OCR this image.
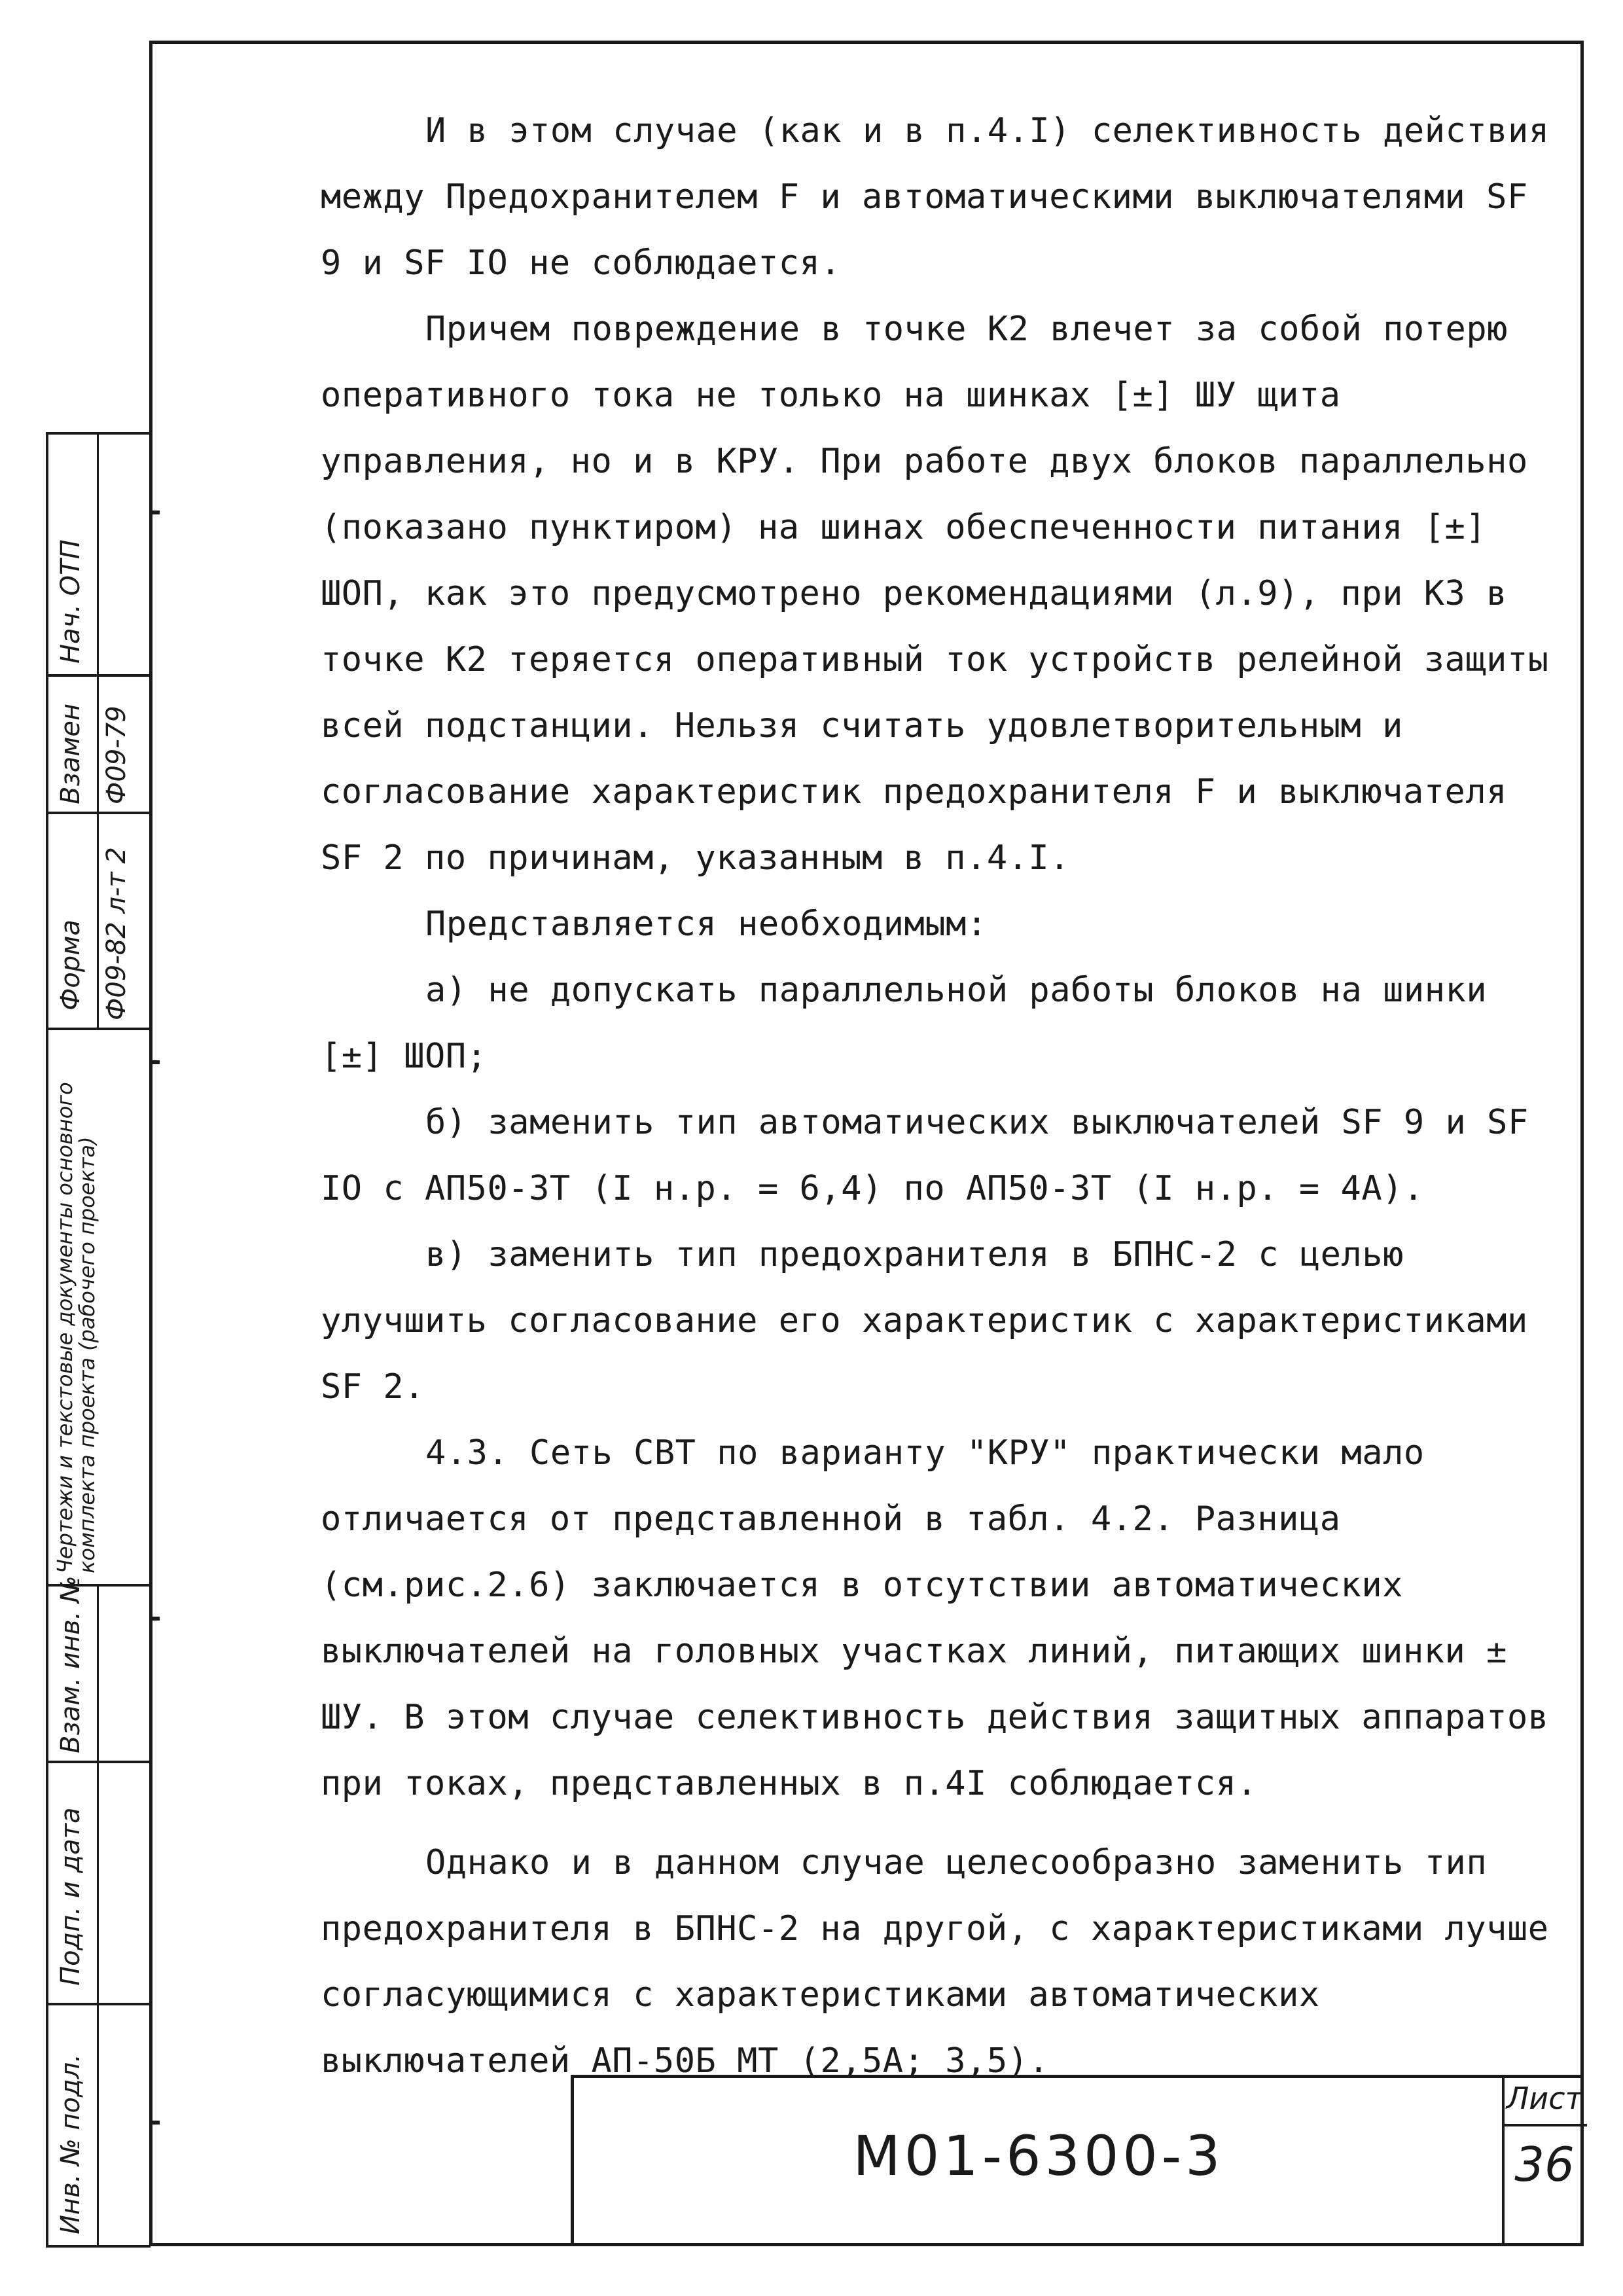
Нач. ОТП
Взамен Ф09-79
Форма Ф09-82 л-т 2
Чертежи и текстовые документы основного комплекта проекта (рабочего проекта)
Взам. инв. №
Подп. и дата
Инв. № подл.

И в этом случае (как и в п.4.I) селективность действия между Предохранителем F и автоматическими выключателями SF 9 и SF IO не соблюдается.

Причем повреждение в точке К2 влечет за собой потерю оперативного тока не только на шинках [±] ШУ щита управления, но и в КРУ. При работе двух блоков параллельно (показано пунктиром) на шинах обеспеченности питания [±] ШОП, как это предусмотрено рекомендациями (л.9), при КЗ в точке К2 теряется оперативный ток устройств релейной защиты всей подстанции. Нельзя считать удовлетворительным и согласование характеристик предохранителя F и выключателя SF 2 по причинам, указанным в п.4.I.

Представляется необходимым:

а) не допускать параллельной работы блоков на шинки [±] ШОП;

б) заменить тип автоматических выключателей SF 9 и SF IO с АП50-3Т (I н.р. = 6,4) по АП50-3Т (I н.р. = 4А).

в) заменить тип предохранителя в БПНС-2 с целью улучшить согласование его характеристик с характеристиками SF 2.

4.3. Сеть СВТ по варианту "КРУ" практически мало отличается от представленной в табл. 4.2. Разница (см.рис.2.6) заключается в отсутствии автоматических выключателей на головных участках линий, питающих шинки ± ШУ. В этом случае селективность действия защитных аппаратов при токах, представленных в п.4I соблюдается.

Однако и в данном случае целесообразно заменить тип предохранителя в БПНС-2 на другой, с характеристиками лучше согласующимися с характеристиками автоматических выключателей АП-50Б МТ (2,5А; 3,5).

М01-6300-3
Лист
36
